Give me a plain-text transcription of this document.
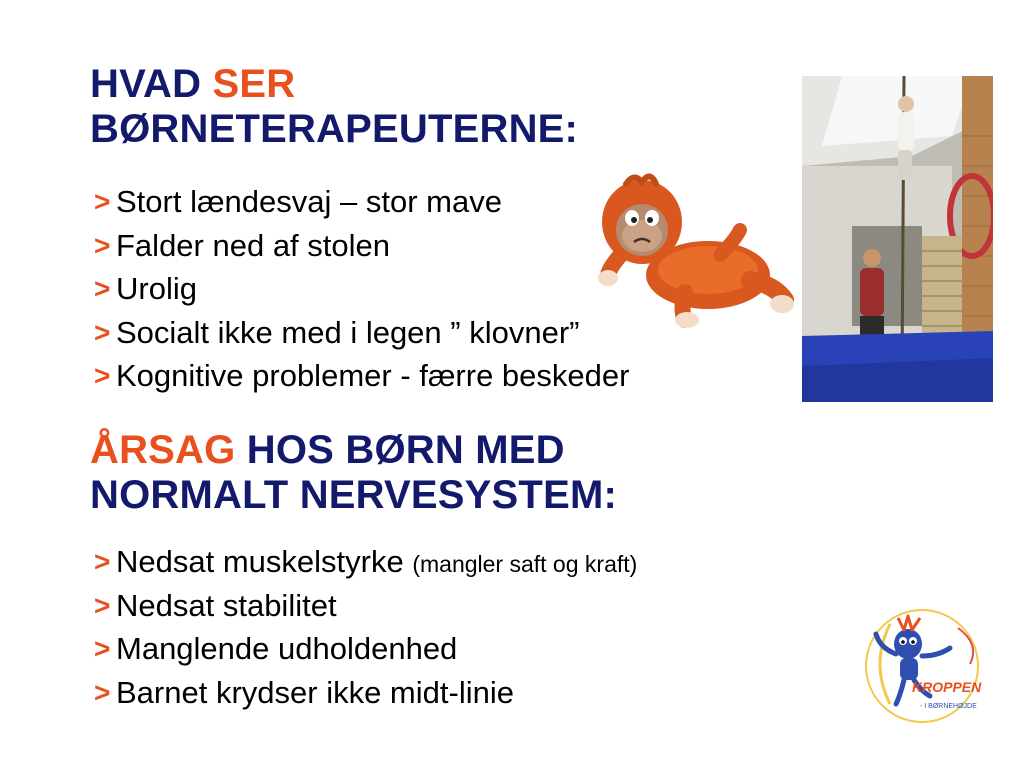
HVAD SER
BØRNETERAPEUTERNE:
> Stort lændesvaj – stor mave
> Falder ned af stolen
> Urolig
> Socialt ikke med i legen ” klovner”
> Kognitive problemer - færre beskeder
ÅRSAG HOS BØRN MED
NORMALT NERVESYSTEM:
> Nedsat muskelstyrke (mangler saft og kraft)
> Nedsat stabilitet
> Manglende udholdenhed
> Barnet krydser ikke midt-linie	KROPPEN
- I BØRNEHØJDE
